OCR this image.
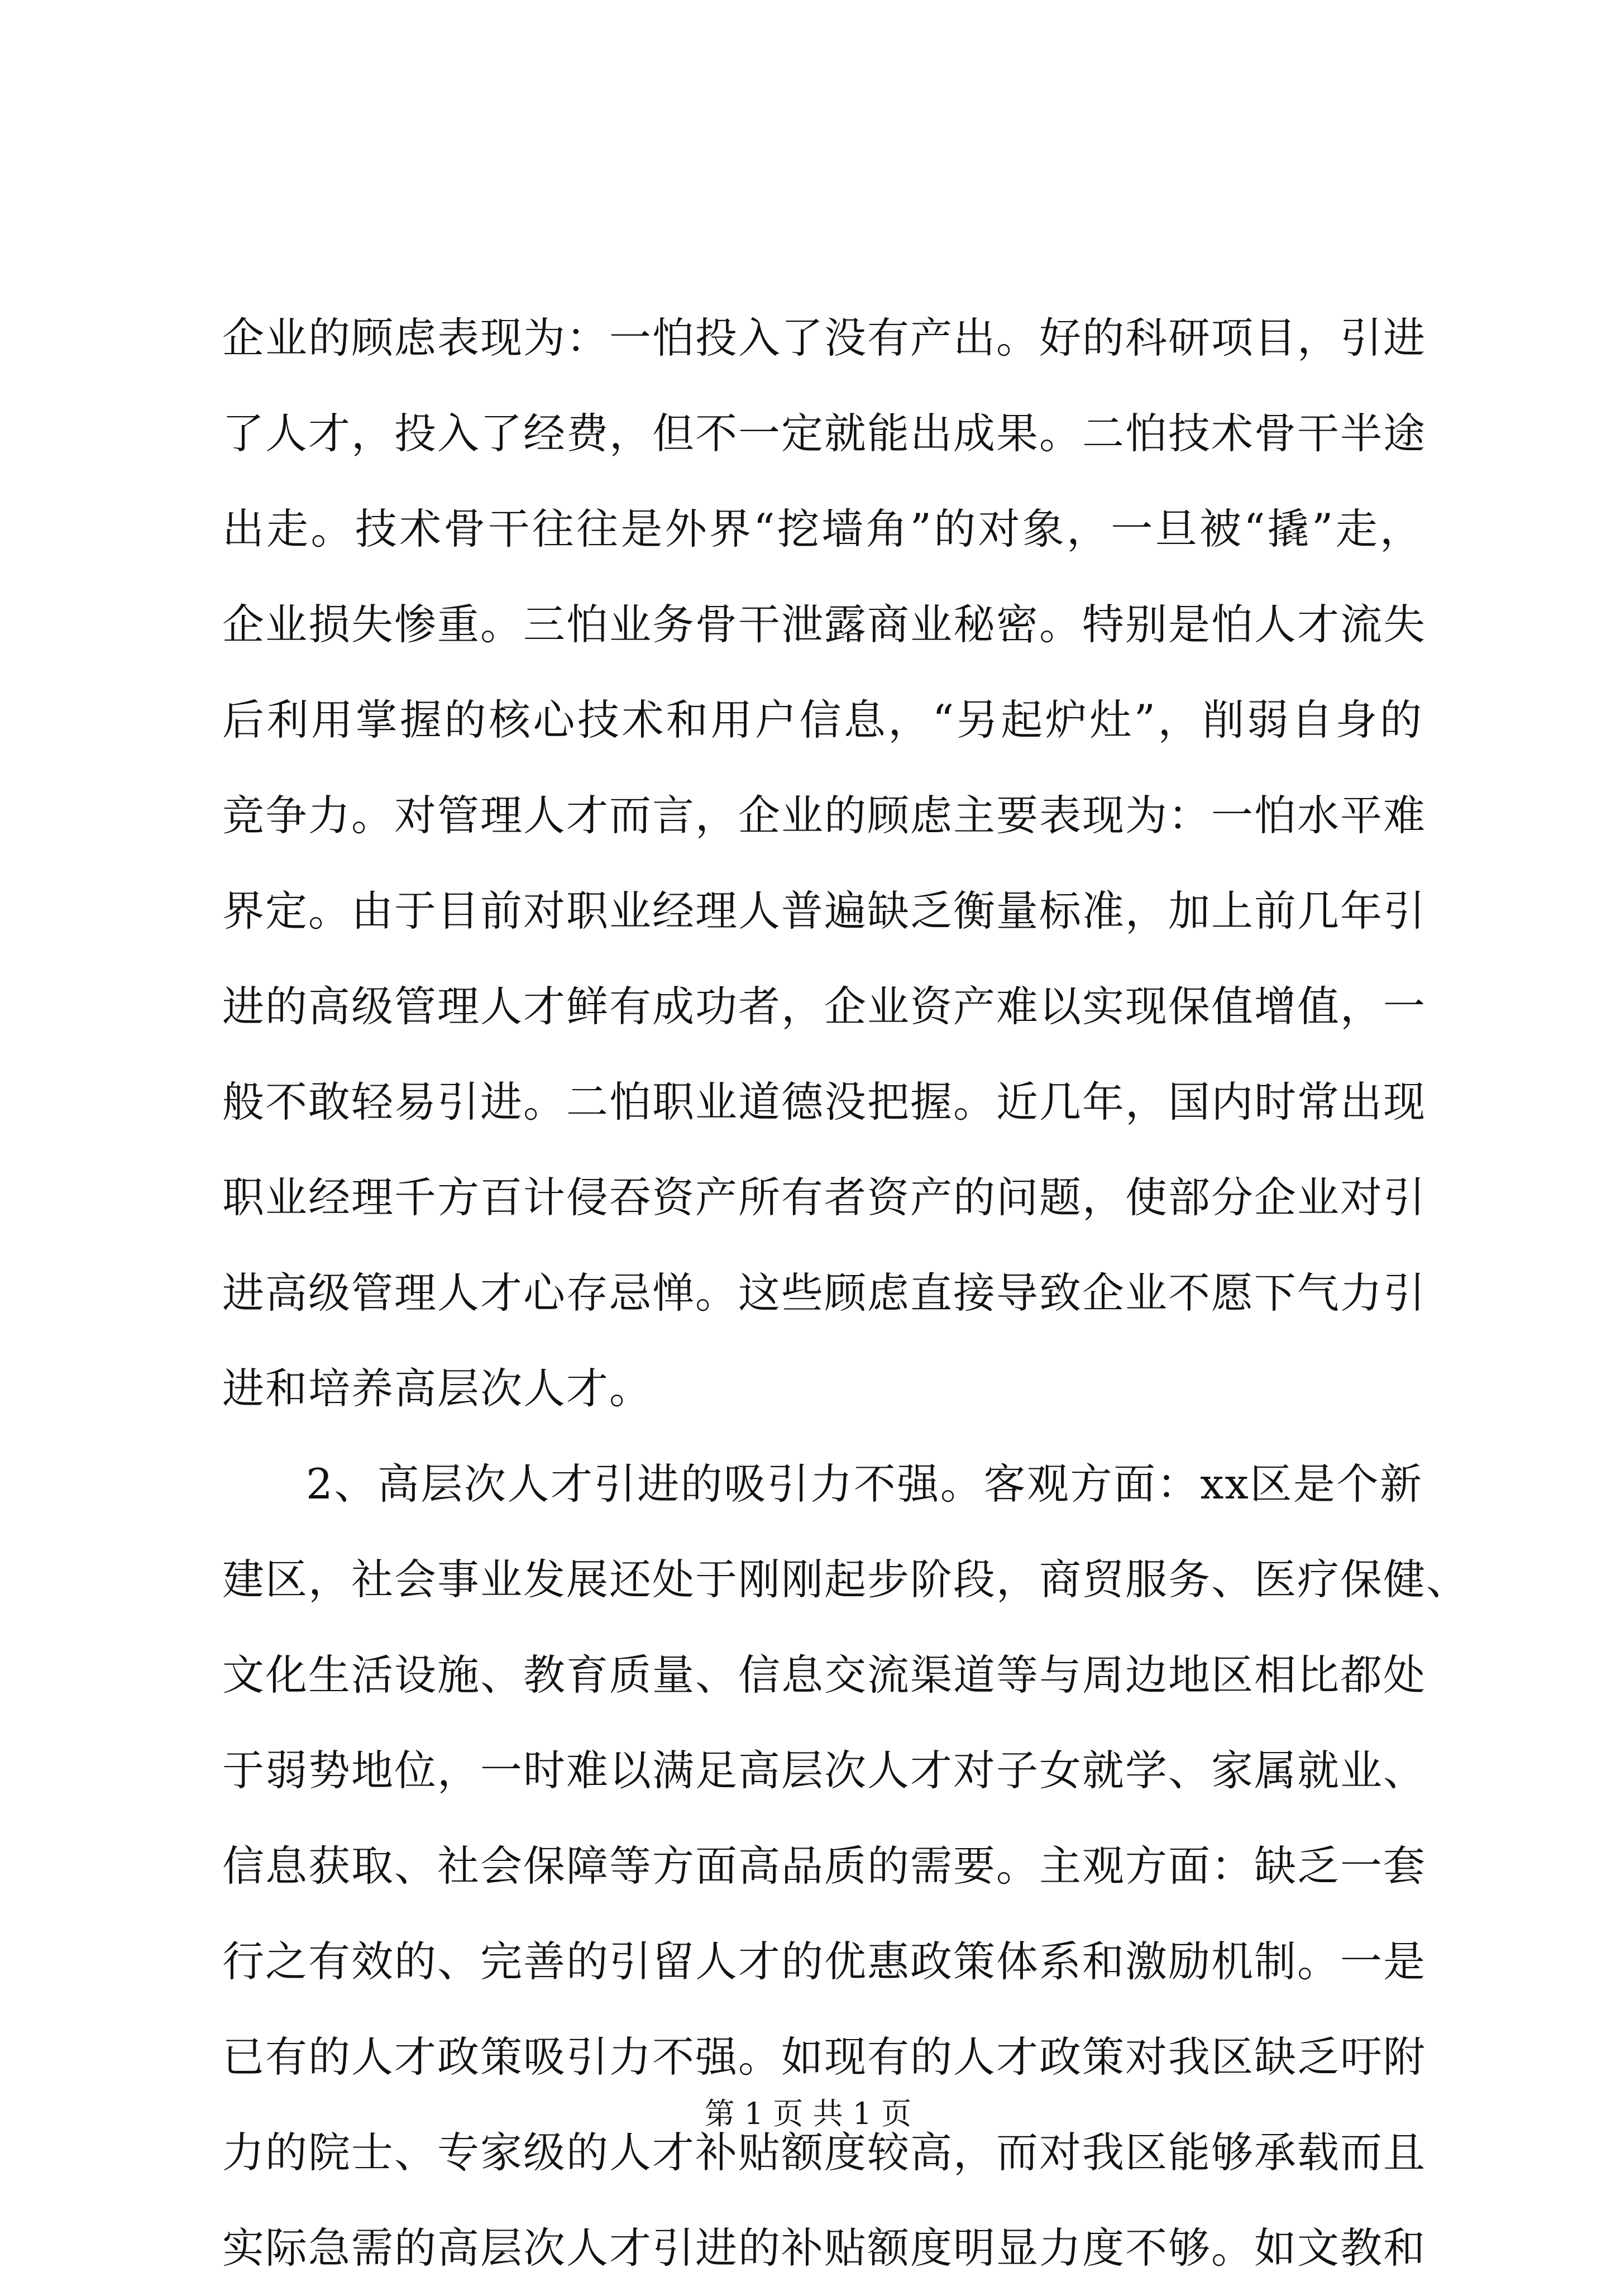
企业的顾虑表现为：一怕投入了没有产出。好的科研项目，引进
了人才，投入了经费，但不一定就能出成果。二怕技术骨干半途
出走。技术骨干往往是外界“挖墙角”的对象，一旦被“撬”走，
企业损失惨重。三怕业务骨干泄露商业秘密。特别是怕人才流失
后利用掌握的核心技术和用户信息，“另起炉灶”，削弱自身的
竞争力。对管理人才而言，企业的顾虑主要表现为：一怕水平难
界定。由于目前对职业经理人普遍缺乏衡量标准，加上前几年引
进的高级管理人才鲜有成功者，企业资产难以实现保值增值，一
般不敢轻易引进。二怕职业道德没把握。近几年，国内时常出现
职业经理千方百计侵吞资产所有者资产的问题，使部分企业对引
进高级管理人才心存忌惮。这些顾虑直接导致企业不愿下气力引
进和培养高层次人才。
2、高层次人才引进的吸引力不强。客观方面：xx区是个新
建区，社会事业发展还处于刚刚起步阶段，商贸服务、医疗保健、
文化生活设施、教育质量、信息交流渠道等与周边地区相比都处
于弱势地位，一时难以满足高层次人才对子女就学、家属就业、
信息获取、社会保障等方面高品质的需要。主观方面：缺乏一套
行之有效的、完善的引留人才的优惠政策体系和激励机制。一是
已有的人才政策吸引力不强。如现有的人才政策对我区缺乏吁附
力的院士、专家级的人才补贴额度较高，而对我区能够承载而且
实际急需的高层次人才引进的补贴额度明显力度不够。如文教和
第 1 页 共 1 页
